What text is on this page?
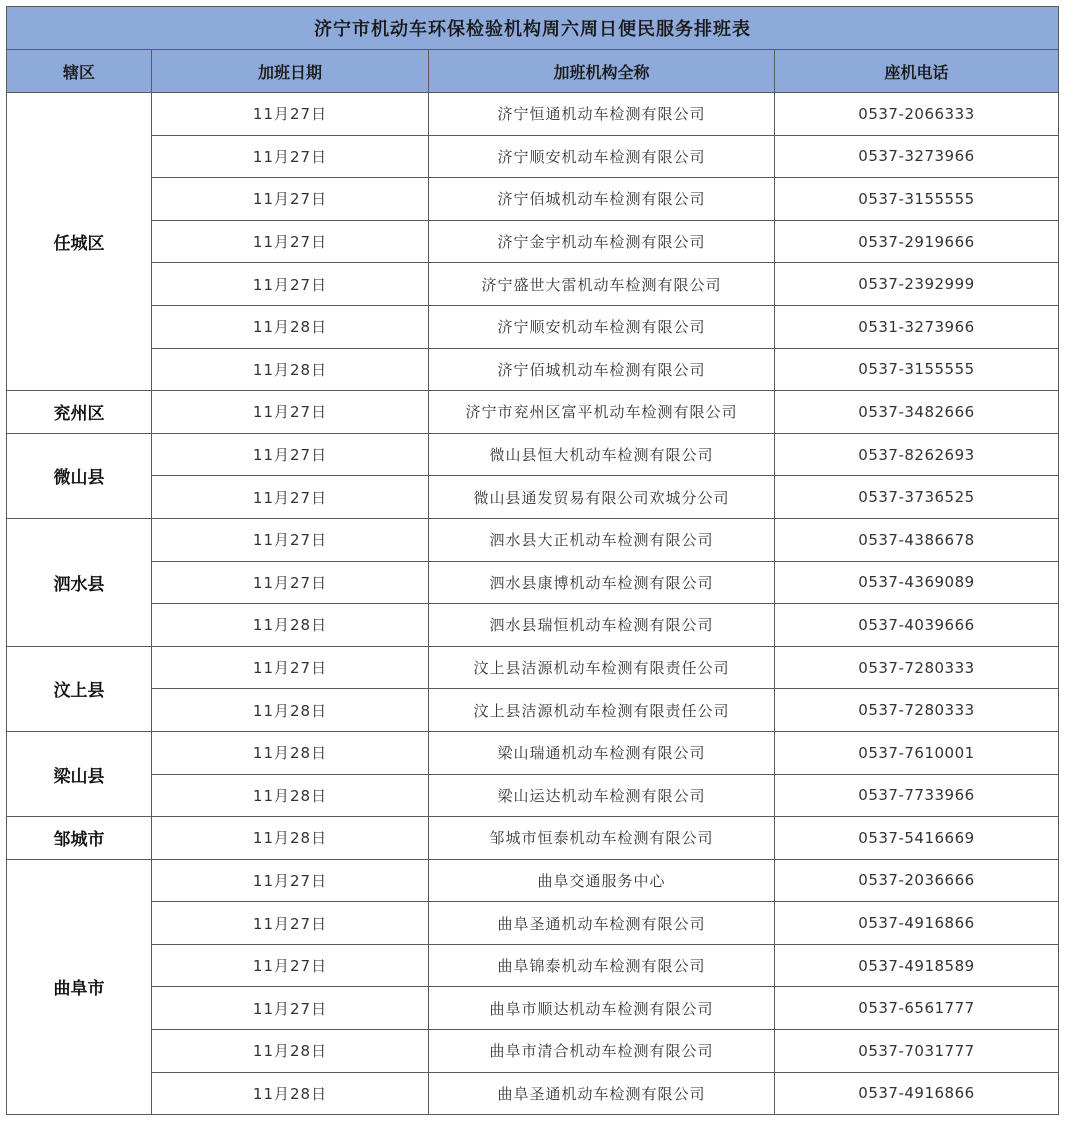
济宁市机动车环保检验机构周六周日便民服务排班表			
辖区	加班日期	加班机构全称	座机电话
任城区	11月27日	济宁恒通机动车检测有限公司	0537-2066333
	11月27日	济宁顺安机动车检测有限公司	0537-3273966
	11月27日	济宁佰城机动车检测有限公司	0537-3155555
	11月27日	济宁金宇机动车检测有限公司	0537-2919666
	11月27日	济宁盛世大雷机动车检测有限公司	0537-2392999
	11月28日	济宁顺安机动车检测有限公司	0531-3273966
	11月28日	济宁佰城机动车检测有限公司	0537-3155555
兖州区	11月27日	济宁市兖州区富平机动车检测有限公司	0537-3482666
微山县	11月27日	微山县恒大机动车检测有限公司	0537-8262693
	11月27日	微山县通发贸易有限公司欢城分公司	0537-3736525
泗水县	11月27日	泗水县大正机动车检测有限公司	0537-4386678
	11月27日	泗水县康博机动车检测有限公司	0537-4369089
	11月28日	泗水县瑞恒机动车检测有限公司	0537-4039666
汶上县	11月27日	汶上县洁源机动车检测有限责任公司	0537-7280333
	11月28日	汶上县洁源机动车检测有限责任公司	0537-7280333
梁山县	11月28日	梁山瑞通机动车检测有限公司	0537-7610001
	11月28日	梁山运达机动车检测有限公司	0537-7733966
邹城市	11月28日	邹城市恒泰机动车检测有限公司	0537-5416669
曲阜市	11月27日	曲阜交通服务中心	0537-2036666
	11月27日	曲阜圣通机动车检测有限公司	0537-4916866
	11月27日	曲阜锦泰机动车检测有限公司	0537-4918589
	11月27日	曲阜市顺达机动车检测有限公司	0537-6561777
	11月28日	曲阜市清合机动车检测有限公司	0537-7031777
	11月28日	曲阜圣通机动车检测有限公司	0537-4916866
